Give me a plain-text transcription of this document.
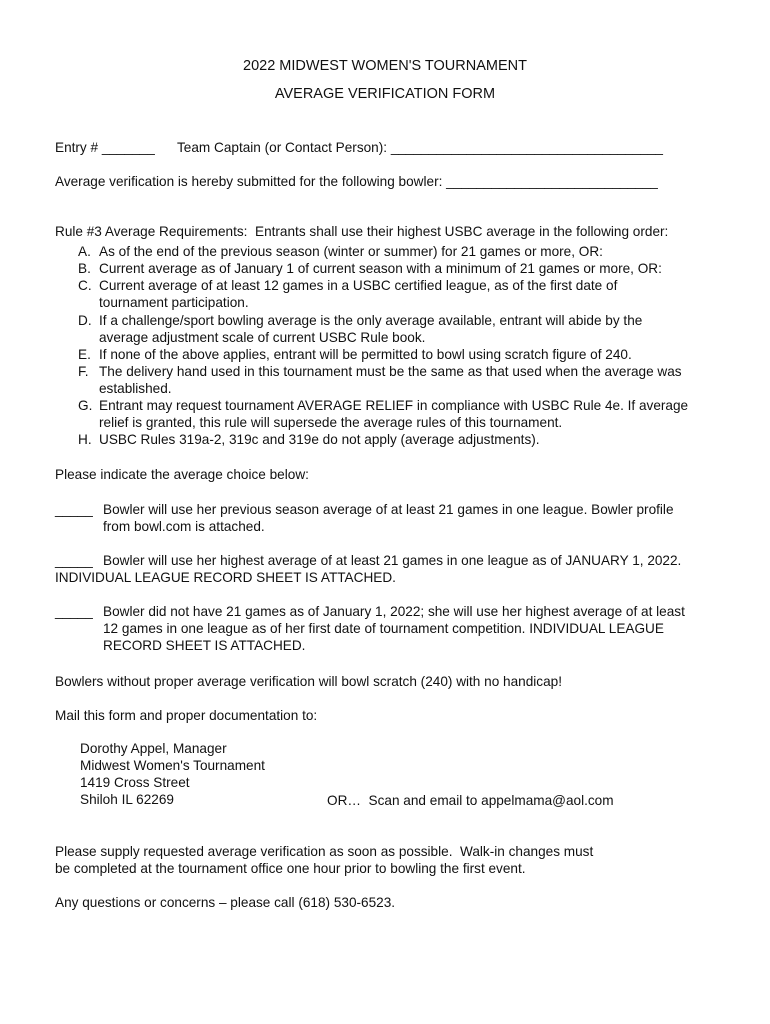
2022 MIDWEST WOMEN'S TOURNAMENT
AVERAGE VERIFICATION FORM
Entry # _______ Team Captain (or Contact Person): ____________________________________
Average verification is hereby submitted for the following bowler: ____________________________
Rule #3 Average Requirements:  Entrants shall use their highest USBC average in the following order:
A. As of the end of the previous season (winter or summer) for 21 games or more, OR:
B. Current average as of January 1 of current season with a minimum of 21 games or more, OR:
C. Current average of at least 12 games in a USBC certified league, as of the first date of tournament participation.
D. If a challenge/sport bowling average is the only average available, entrant will abide by the average adjustment scale of current USBC Rule book.
E. If none of the above applies, entrant will be permitted to bowl using scratch figure of 240.
F. The delivery hand used in this tournament must be the same as that used when the average was established.
G. Entrant may request tournament AVERAGE RELIEF in compliance with USBC Rule 4e. If average relief is granted, this rule will supersede the average rules of this tournament.
H. USBC Rules 319a-2, 319c and 319e do not apply (average adjustments).
Please indicate the average choice below:
_____ Bowler will use her previous season average of at least 21 games in one league. Bowler profile from bowl.com is attached.
_____ Bowler will use her highest average of at least 21 games in one league as of JANUARY 1, 2022. INDIVIDUAL LEAGUE RECORD SHEET IS ATTACHED.
_____ Bowler did not have 21 games as of January 1, 2022; she will use her highest average of at least 12 games in one league as of her first date of tournament competition. INDIVIDUAL LEAGUE RECORD SHEET IS ATTACHED.
Bowlers without proper average verification will bowl scratch (240) with no handicap!
Mail this form and proper documentation to:
Dorothy Appel, Manager
Midwest Women's Tournament
1419 Cross Street
Shiloh IL 62269	OR…  Scan and email to appelmama@aol.com
Please supply requested average verification as soon as possible.  Walk-in changes must
be completed at the tournament office one hour prior to bowling the first event.
Any questions or concerns – please call (618) 530-6523.
